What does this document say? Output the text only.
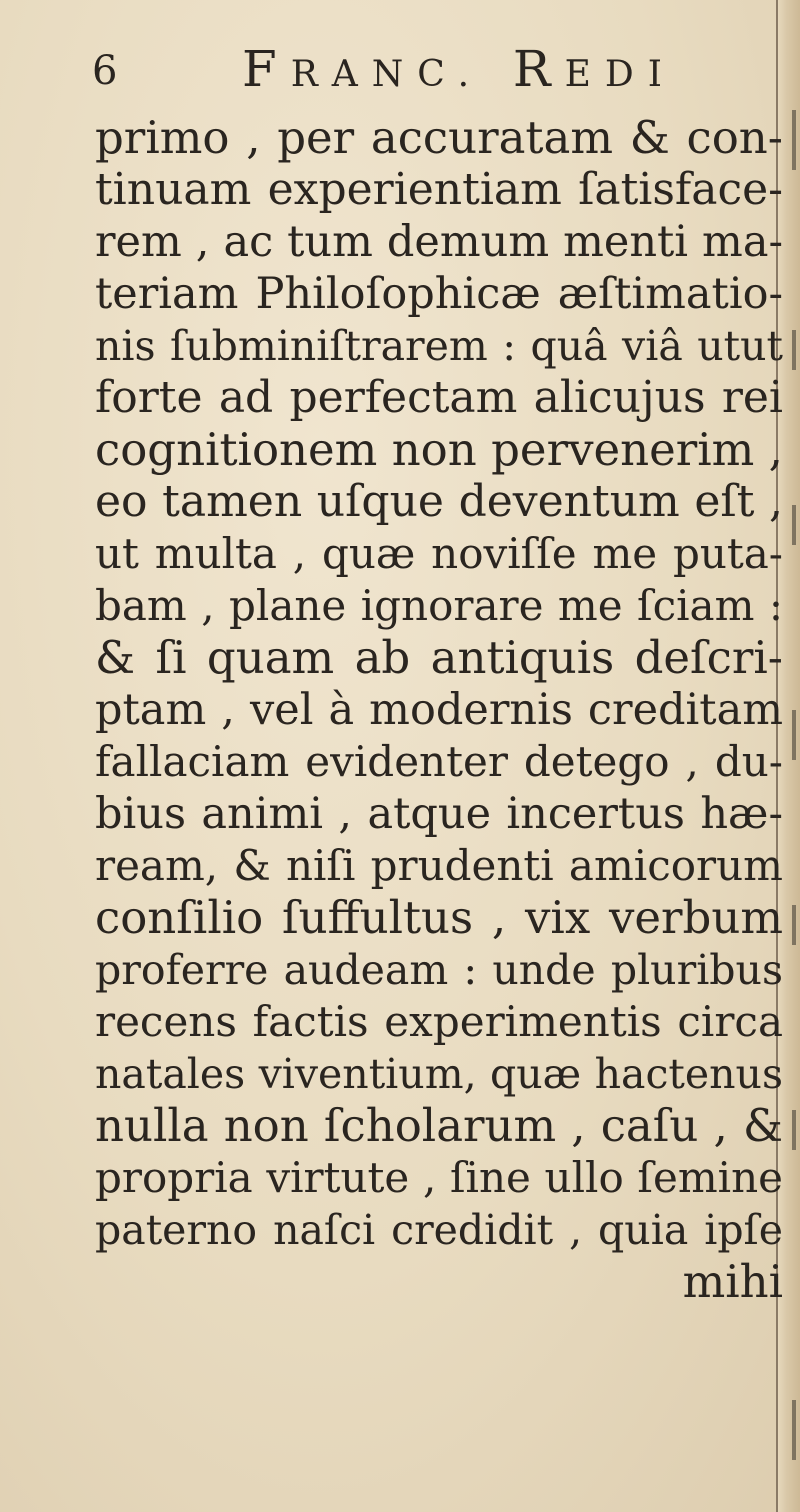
6 FRANC. REDI
primo , per accuratam & con-
tinuam experientiam ſatisface-
rem , ac tum demum menti ma-
teriam Philoſophicæ æſtimatio-
nis ſubminiſtrarem : quâ viâ utut
forte ad perfectam alicujus rei
cognitionem non pervenerim ,
eo tamen uſque deventum eſt ,
ut multa , quæ noviſſe me puta-
bam , plane ignorare me ſciam :
& ſi quam ab antiquis deſcri-
ptam , vel à modernis creditam
fallaciam evidenter detego , du-
bius animi , atque incertus hæ-
ream, & niſi prudenti amicorum
conſilio ſuffultus , vix verbum
proferre audeam : unde pluribus
recens factis experimentis circa
natales viventium, quæ hactenus
nulla non ſcholarum , caſu , &
propria virtute , ſine ullo ſemine
paterno naſci credidit , quia ipſe
mihi
